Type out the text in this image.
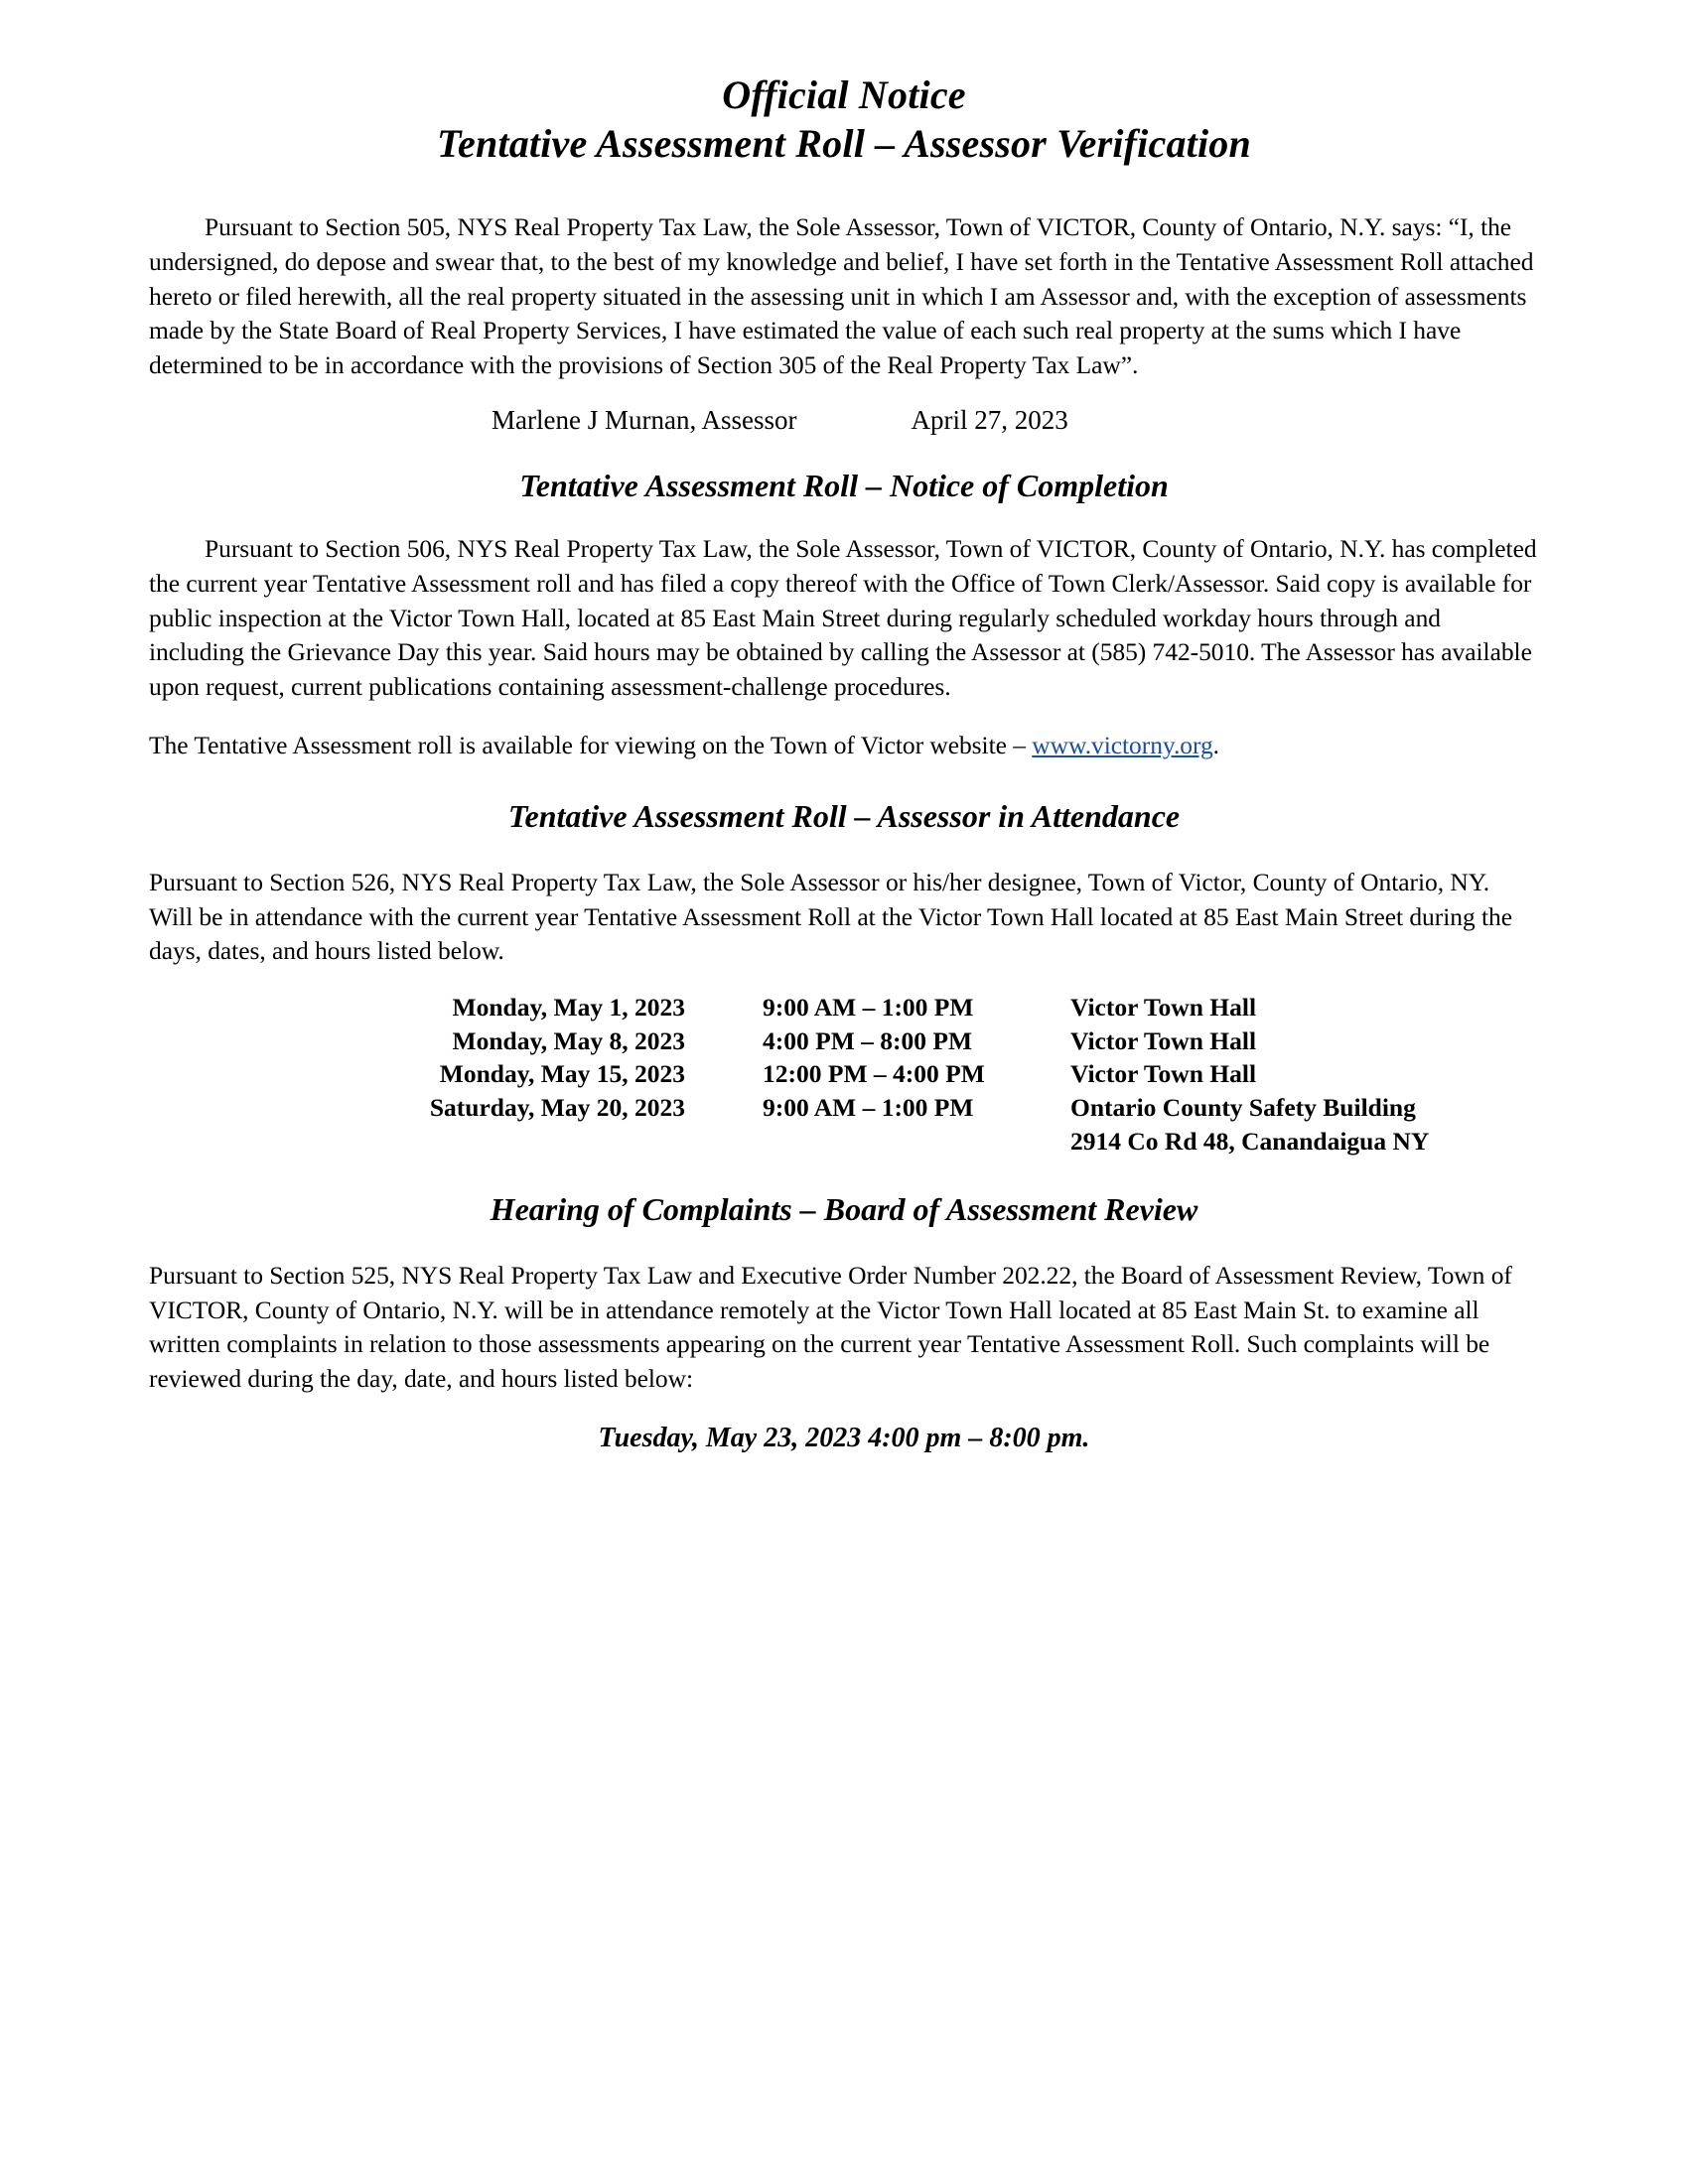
Official Notice
Tentative Assessment Roll – Assessor Verification

Pursuant to Section 505, NYS Real Property Tax Law, the Sole Assessor, Town of VICTOR, County of Ontario, N.Y. says: “I, the undersigned, do depose and swear that, to the best of my knowledge and belief, I have set forth in the Tentative Assessment Roll attached hereto or filed herewith, all the real property situated in the assessing unit in which I am Assessor and, with the exception of assessments made by the State Board of Real Property Services, I have estimated the value of each such real property at the sums which I have determined to be in accordance with the provisions of Section 305 of the Real Property Tax Law”.

Marlene J Murnan, Assessor	April 27, 2023
Tentative Assessment Roll – Notice of Completion

Pursuant to Section 506, NYS Real Property Tax Law, the Sole Assessor, Town of VICTOR, County of Ontario, N.Y. has completed the current year Tentative Assessment roll and has filed a copy thereof with the Office of Town Clerk/Assessor. Said copy is available for public inspection at the Victor Town Hall, located at 85 East Main Street during regularly scheduled workday hours through and including the Grievance Day this year. Said hours may be obtained by calling the Assessor at (585) 742-5010. The Assessor has available upon request, current publications containing assessment-challenge procedures.

The Tentative Assessment roll is available for viewing on the Town of Victor website – www.victorny.org.

Tentative Assessment Roll – Assessor in Attendance

Pursuant to Section 526, NYS Real Property Tax Law, the Sole Assessor or his/her designee, Town of Victor, County of Ontario, NY. Will be in attendance with the current year Tentative Assessment Roll at the Victor Town Hall located at 85 East Main Street during the days, dates, and hours listed below.

Monday, May 1, 2023	9:00 AM – 1:00 PM	Victor Town Hall
Monday, May 8, 2023	4:00 PM – 8:00 PM	Victor Town Hall
Monday, May 15, 2023	12:00 PM – 4:00 PM	Victor Town Hall
Saturday, May 20, 2023	9:00 AM – 1:00 PM	Ontario County Safety Building
		2914 Co Rd 48, Canandaigua NY
Hearing of Complaints – Board of Assessment Review

Pursuant to Section 525, NYS Real Property Tax Law and Executive Order Number 202.22, the Board of Assessment Review, Town of VICTOR, County of Ontario, N.Y. will be in attendance remotely at the Victor Town Hall located at 85 East Main St. to examine all written complaints in relation to those assessments appearing on the current year Tentative Assessment Roll. Such complaints will be reviewed during the day, date, and hours listed below:

Tuesday, May 23, 2023 4:00 pm – 8:00 pm.
